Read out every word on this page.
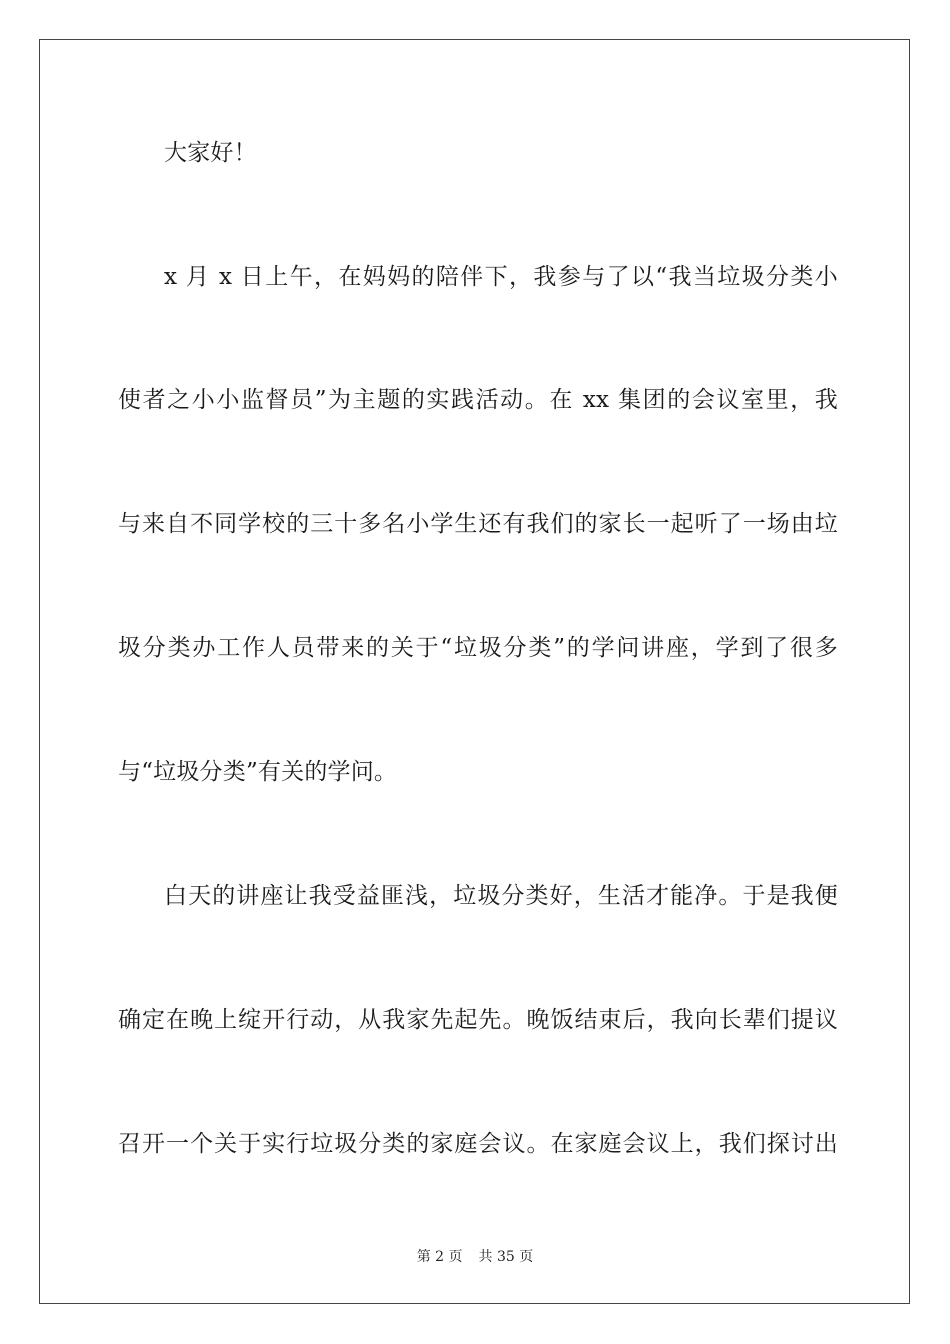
大家好！
x 月 x 日上午，在妈妈的陪伴下，我参与了以“我当垃圾分类小
使者之小小监督员”为主题的实践活动。在 xx 集团的会议室里，我
与来自不同学校的三十多名小学生还有我们的家长一起听了一场由垃
圾分类办工作人员带来的关于“垃圾分类”的学问讲座，学到了很多
与“垃圾分类”有关的学问。
白天的讲座让我受益匪浅，垃圾分类好，生活才能净。于是我便
确定在晚上绽开行动，从我家先起先。晚饭结束后，我向长辈们提议
召开一个关于实行垃圾分类的家庭会议。在家庭会议上，我们探讨出
第 2 页 共 35 页
